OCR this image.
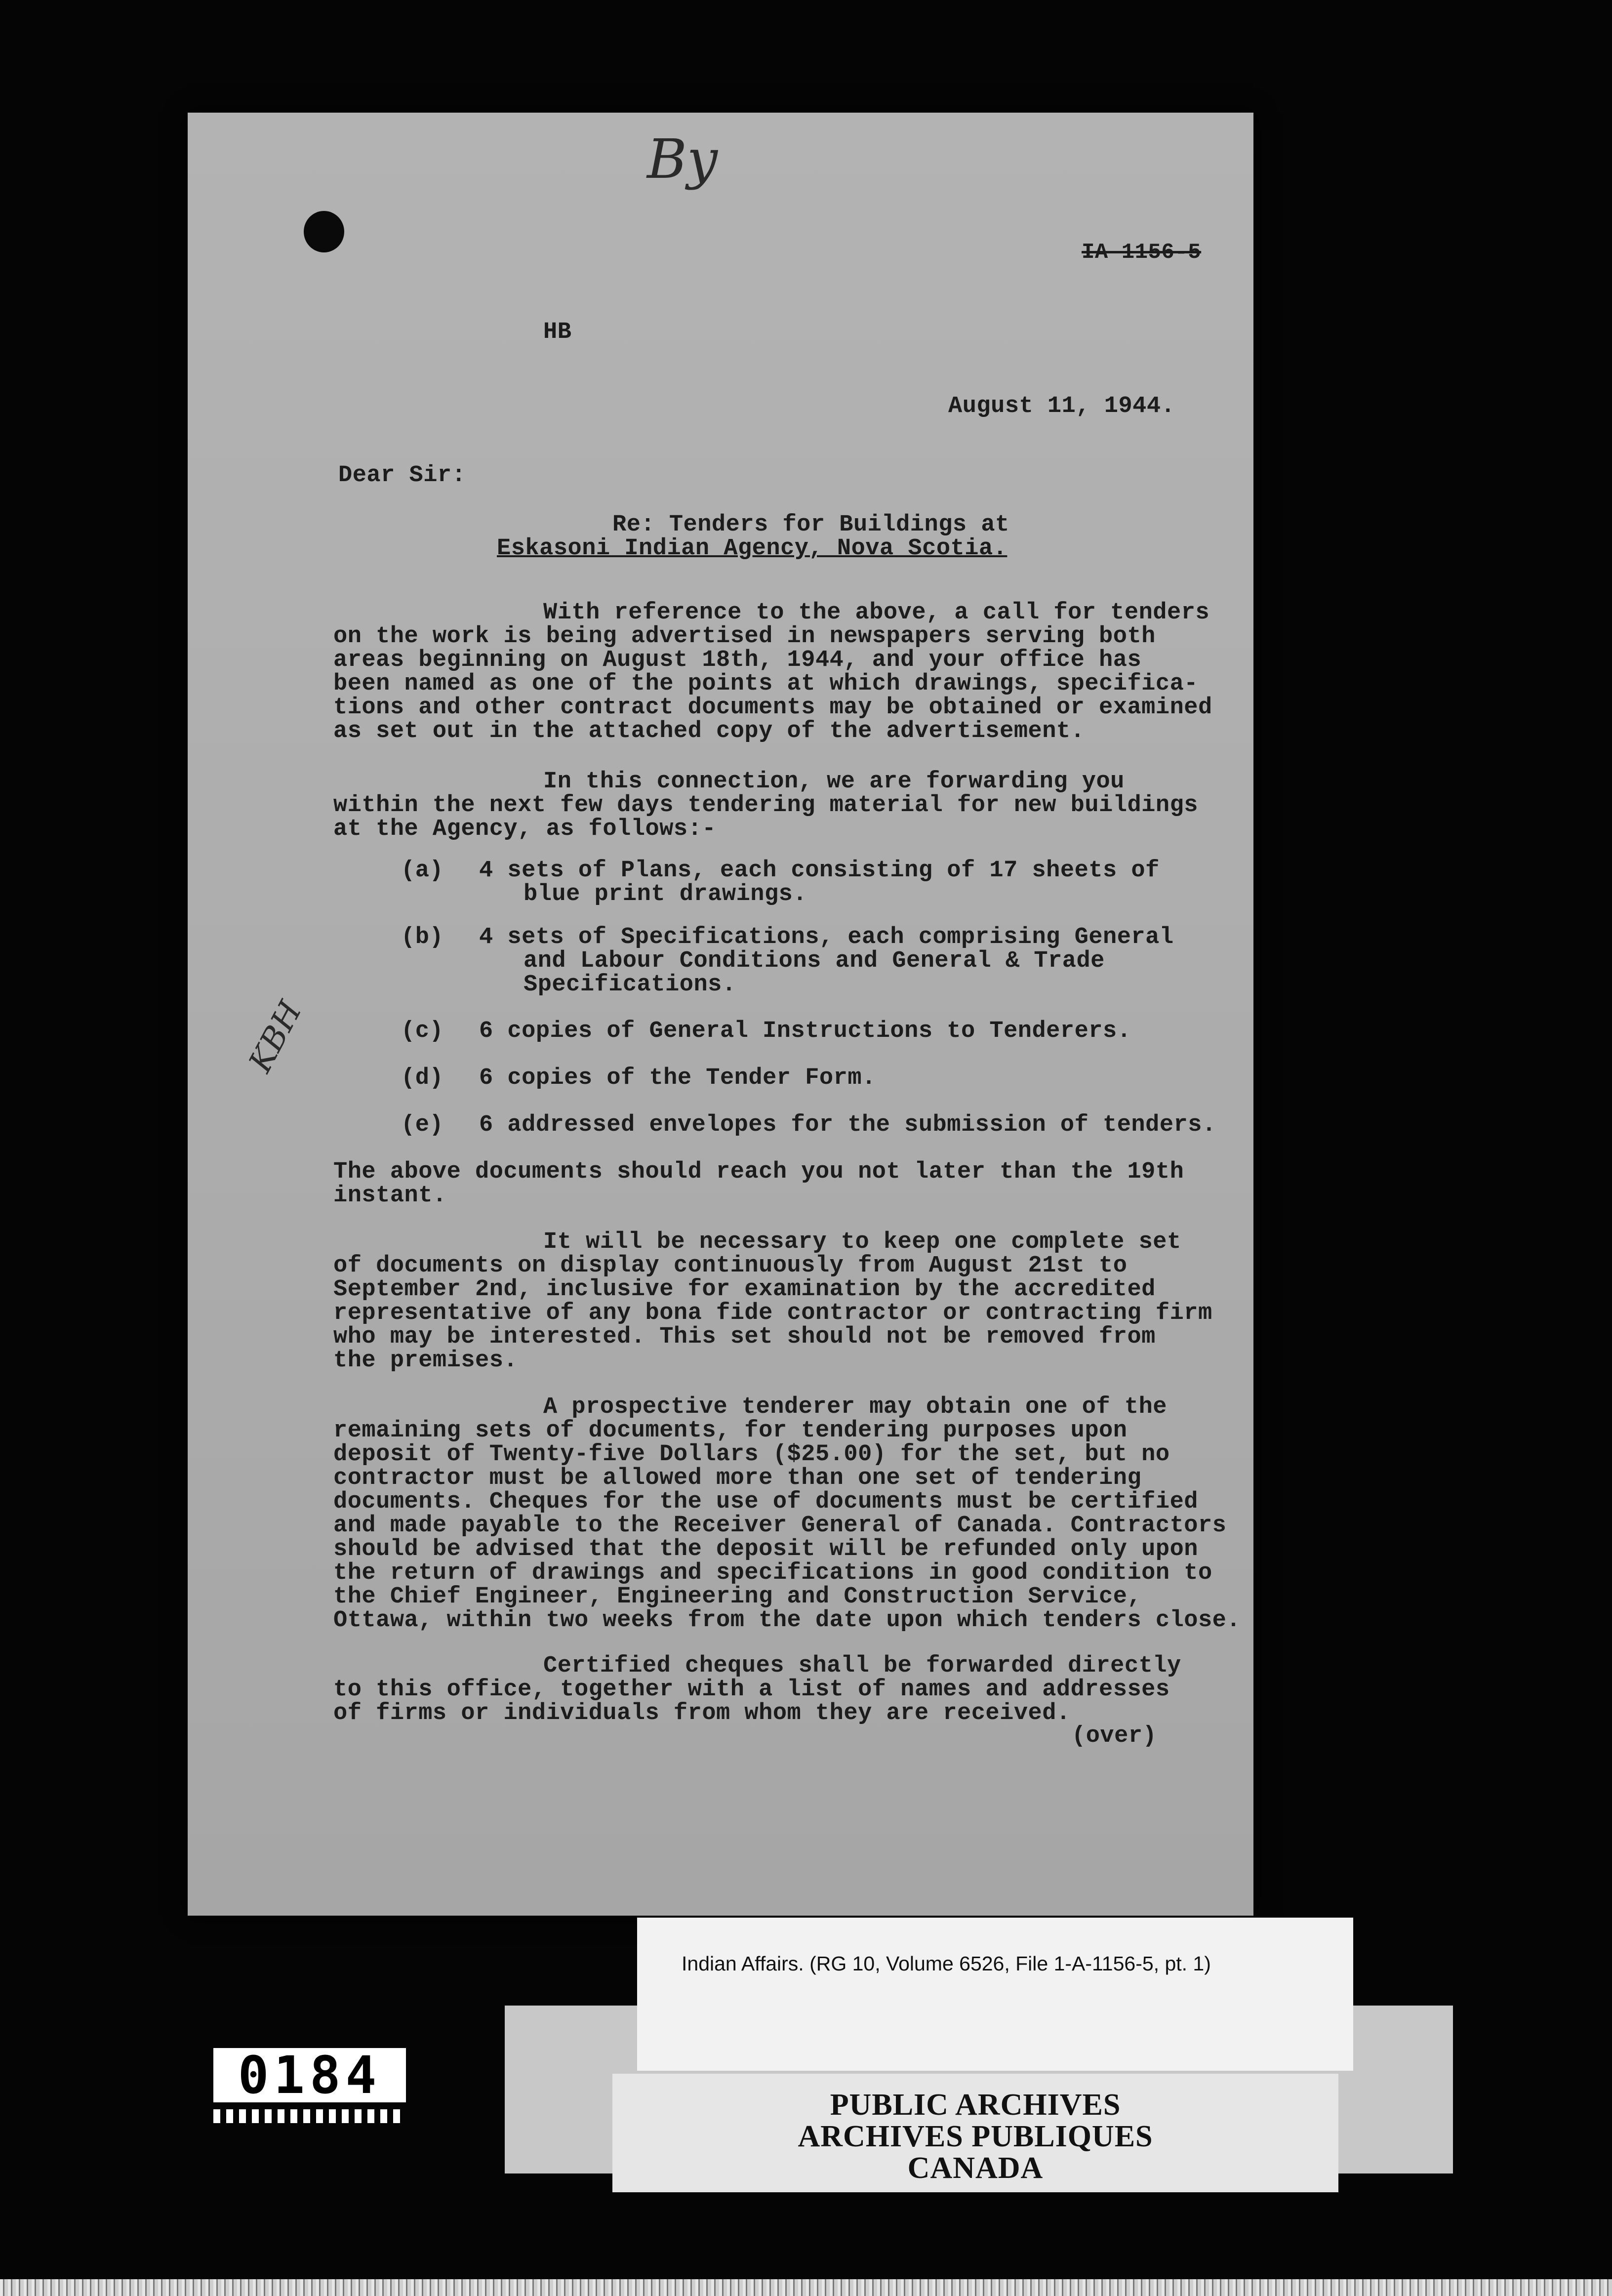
By
IA 1156-5
HB
August 11, 1944.
Dear Sir:
Re: Tenders for Buildings at
Eskasoni Indian Agency, Nova Scotia.
With reference to the above, a call for tenders
on the work is being advertised in newspapers serving both
areas beginning on August 18th, 1944, and your office has
been named as one of the points at which drawings, specifica-
tions and other contract documents may be obtained or examined
as set out in the attached copy of the advertisement.
In this connection, we are forwarding you
within the next few days tendering material for new buildings
at the Agency, as follows:-
(a) 4 sets of Plans, each consisting of 17 sheets of
blue print drawings.
(b) 4 sets of Specifications, each comprising General
and Labour Conditions and General & Trade
Specifications.
(c) 6 copies of General Instructions to Tenderers.
(d) 6 copies of the Tender Form.
(e) 6 addressed envelopes for the submission of tenders.
KBH
The above documents should reach you not later than the 19th
instant.
It will be necessary to keep one complete set
of documents on display continuously from August 21st to
September 2nd, inclusive for examination by the accredited
representative of any bona fide contractor or contracting firm
who may be interested. This set should not be removed from
the premises.
A prospective tenderer may obtain one of the
remaining sets of documents, for tendering purposes upon
deposit of Twenty-five Dollars ($25.00) for the set, but no
contractor must be allowed more than one set of tendering
documents. Cheques for the use of documents must be certified
and made payable to the Receiver General of Canada. Contractors
should be advised that the deposit will be refunded only upon
the return of drawings and specifications in good condition to
the Chief Engineer, Engineering and Construction Service,
Ottawa, within two weeks from the date upon which tenders close.
Certified cheques shall be forwarded directly
to this office, together with a list of names and addresses
of firms or individuals from whom they are received.
(over)
Indian Affairs. (RG 10, Volume 6526, File 1-A-1156-5, pt. 1)
PUBLIC ARCHIVES
ARCHIVES PUBLIQUES
CANADA
0184
